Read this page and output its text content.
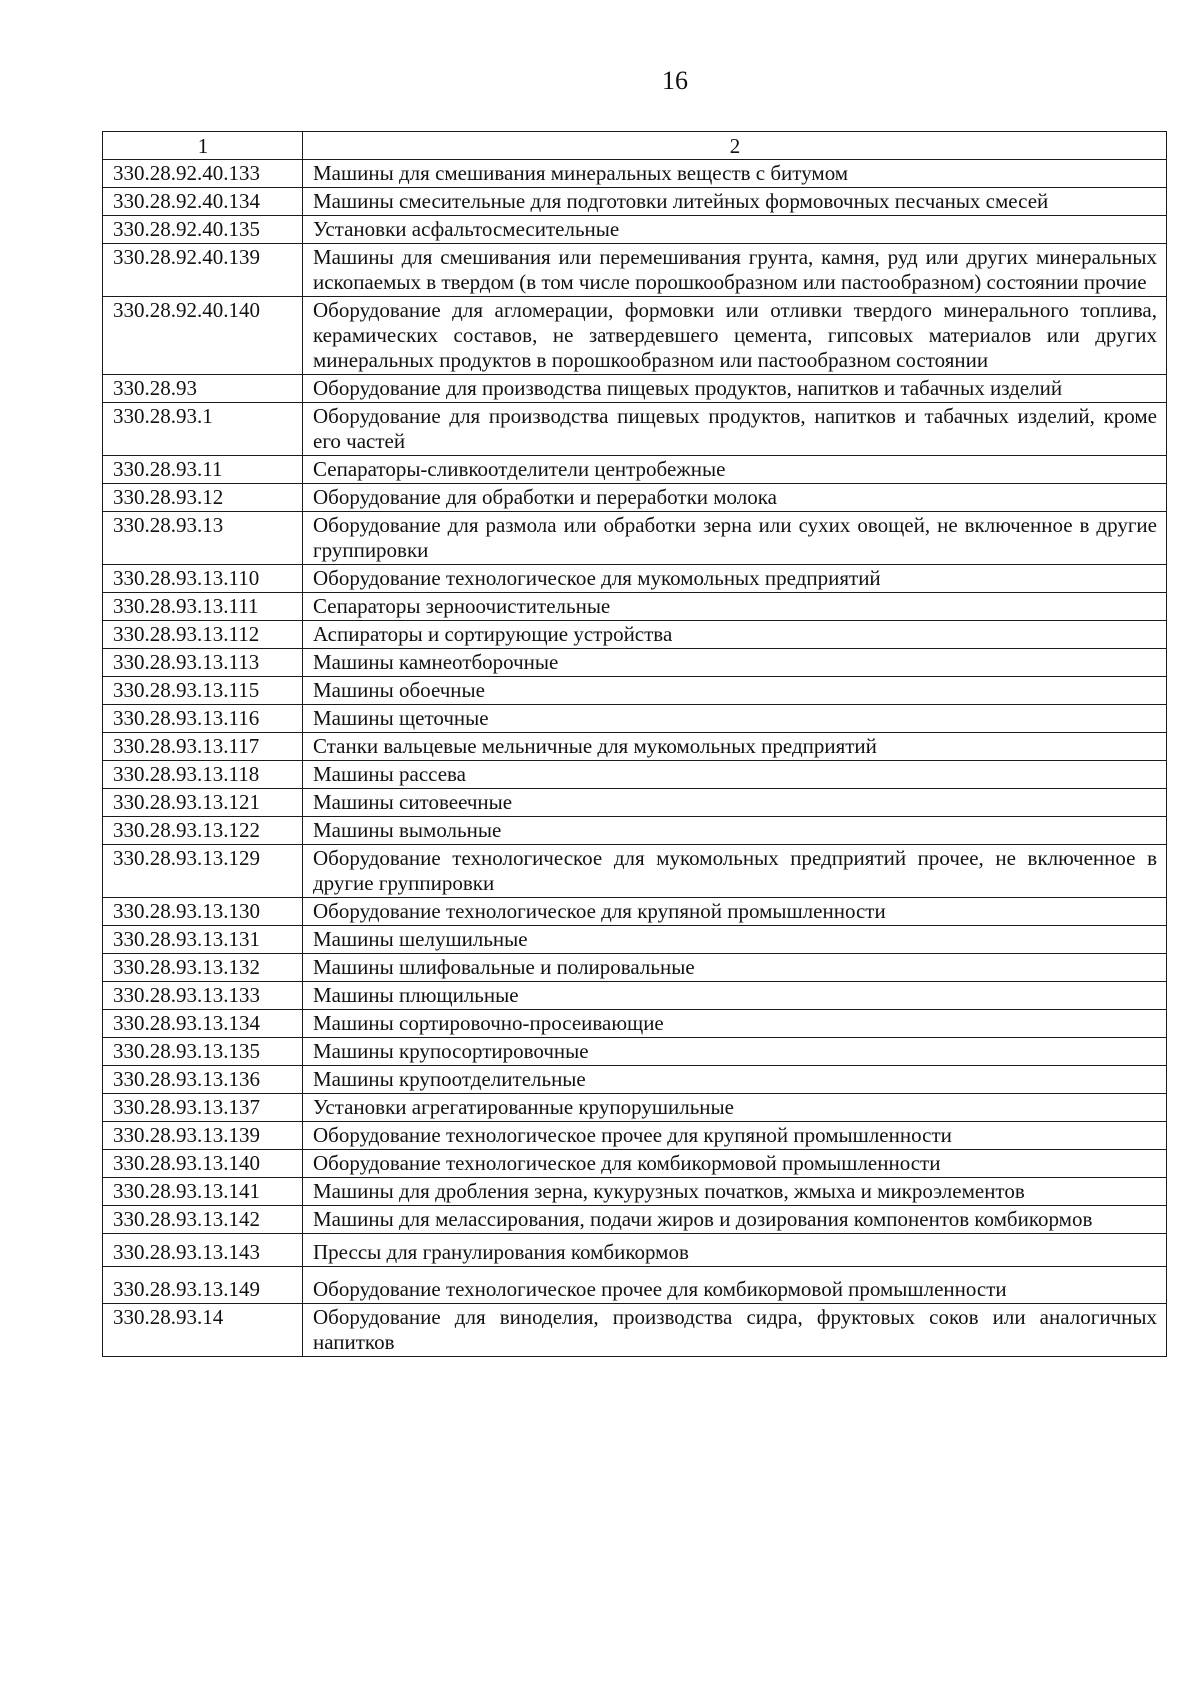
16
1	2
330.28.92.40.133	Машины для смешивания минеральных веществ с битумом
330.28.92.40.134	Машины смесительные для подготовки литейных формовочных песчаных смесей
330.28.92.40.135	Установки асфальтосмесительные
330.28.92.40.139	Машины для смешивания или перемешивания грунта, камня, руд или других минеральных ископаемых в твердом (в том числе порошкообразном или пастообразном) состоянии прочие
330.28.92.40.140	Оборудование для агломерации, формовки или отливки твердого минерального топлива, керамических составов, не затвердевшего цемента, гипсовых материалов или других минеральных продуктов в порошкообразном или пастообразном состоянии
330.28.93	Оборудование для производства пищевых продуктов, напитков и табачных изделий
330.28.93.1	Оборудование для производства пищевых продуктов, напитков и табачных изделий, кроме его частей
330.28.93.11	Сепараторы-сливкоотделители центробежные
330.28.93.12	Оборудование для обработки и переработки молока
330.28.93.13	Оборудование для размола или обработки зерна или сухих овощей, не включенное в другие группировки
330.28.93.13.110	Оборудование технологическое для мукомольных предприятий
330.28.93.13.111	Сепараторы зерноочистительные
330.28.93.13.112	Аспираторы и сортирующие устройства
330.28.93.13.113	Машины камнеотборочные
330.28.93.13.115	Машины обоечные
330.28.93.13.116	Машины щеточные
330.28.93.13.117	Станки вальцевые мельничные для мукомольных предприятий
330.28.93.13.118	Машины рассева
330.28.93.13.121	Машины ситовеечные
330.28.93.13.122	Машины вымольные
330.28.93.13.129	Оборудование технологическое для мукомольных предприятий прочее, не включенное в другие группировки
330.28.93.13.130	Оборудование технологическое для крупяной промышленности
330.28.93.13.131	Машины шелушильные
330.28.93.13.132	Машины шлифовальные и полировальные
330.28.93.13.133	Машины плющильные
330.28.93.13.134	Машины сортировочно-просеивающие
330.28.93.13.135	Машины крупосортировочные
330.28.93.13.136	Машины крупоотделительные
330.28.93.13.137	Установки агрегатированные крупорушильные
330.28.93.13.139	Оборудование технологическое прочее для крупяной промышленности
330.28.93.13.140	Оборудование технологическое для комбикормовой промышленности
330.28.93.13.141	Машины для дробления зерна, кукурузных початков, жмыха и микроэлементов
330.28.93.13.142	Машины для мелассирования, подачи жиров и дозирования компонентов комбикормов
330.28.93.13.143	Прессы для гранулирования комбикормов
330.28.93.13.149	Оборудование технологическое прочее для комбикормовой промышленности
330.28.93.14	Оборудование для виноделия, производства сидра, фруктовых соков или аналогичных напитков
